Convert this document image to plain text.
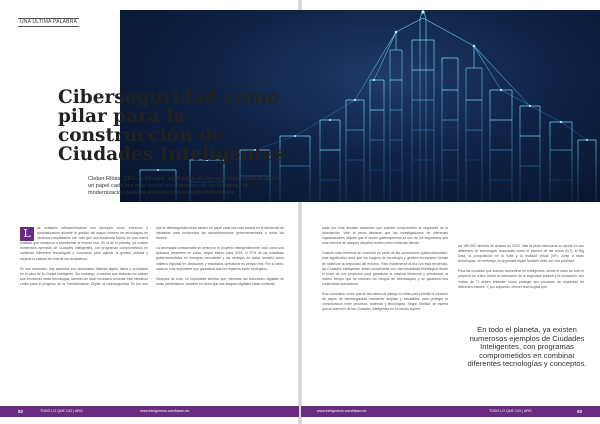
UNA ÚLTIMA PALABRA
Ciberseguridad como pilar para la construcción de Ciudades Inteligentes

Cleber Ribas, CEO de Blockbit, explica que la ciberseguridad necesita asumir un papel cada vez más central en el proceso de las iniciativas de modernización para las administraciones gubernamentales.

L	as ciudades latinoamericanas son ejemplos vivos, extremos y automatización durante la gestión del mayor número de tecnologías de servicios hospitalarios con más que una tendencia futura, es una nueva realidad que comienza a transformar el mundo real. En la de el planeta, ya existen numerosos ejemplos de Ciudades Inteligentes, con programas comprometidos en combinar diferentes tecnologías y conceptos para agilizar la gestión pública y mejorar la calidad de vida de los ciudadanos.

En ese escenario, hay aspectos con avanzados: libertad digital, datos y conectado en el caso de la Ciudad Inteligente. Sin embargo, a medida que avanzan los planes que involucran estas tecnologías, también se hace necesario recordar este elemento crítico para el progreso de la Transformación Digital: la ciberseguridad. Es por eso que la ciberseguridad debe asumir un papel cada vez más central en el desarrollo de iniciativas para modernizar las administraciones gubernamentales a todos los niveles.

La necesidad considerable se centra en el proyecto inteligentemente, solo como una aparatos presentes en curso, según estimó para 2024, el 97% de las iniciativas gubernamentales en energías renovables y las ventajas de datos también como objetivo impulsar en decisiones y resultados operativos en tiempo real. Por lo tanto, nada es más importante que garantizar que los registros estén protegidos.

Después de todo, es importante señalar que, mientras las soluciones digitales se están presentando, también es cierto que sus ataques digitales están surtiendo

cada vez más desaste atacantes que pueden comprometer la seguridad de la información. Vale la pena destacar que las investigaciones de diferentes organizaciones indican que el sector gubernamental es uno de los segmentos que más intentos de ataques virtuales reciben entre todas las demás.

Cuando más intereses se convierte en parte de las operaciones gubernamentales, más significativo será que los equipos de tecnología y gestión encuentren formas de optimizar la seguridad del entorno. Para mantenerse al día con esta tendencia, las Ciudades Inteligentes deben coordinarse con una mentalidad estratégica desde el inicio de sus proyectos para garantizar la máxima eficiencia y efectividad, al mismo tiempo que se reducen los riesgos de ciberataques y se garantiza una continuidad operacional.

Esto considera, como una de las bases de trabajo en vista para permitir la creación de capas de ciberseguridad realmente amplias y escalables para proteger la comunicación entre procesos, sistemas y tecnologías. Según Statista, se espera que la inversión de las Ciudades Inteligentes en el mundo supere

los 189.500 millones de dólares en 2023. Vale la pena mencionar su aporte en sus diferentes de tecnologías avanzadas como el internet de las cosas (IoT), el Big Data, la computación en la nube y la realidad virtual (VR). Junto a estas tecnologías, sin embargo, la seguridad digital también debe ser una prioridad.

Para las ciudades que buscan convertirse en Inteligentes, desde el inicio de todo el proyecto es crítico incluir la evaluación de la seguridad pública y la educación, sus límites de TI deben entender cómo proteger sus procesos de seguridad en diferentes niveles. Y, por supuesto, ofrecer tecnologías que

En todo el planeta, ya existen numerosos ejemplos de Ciudades Inteligentes, con programas comprometidos en combinar diferentes tecnologías y conceptos.

92	TODO LO QUE CIO | ARG	www.intelgentcio.com/latam-es	www.intelgentcio.com/latam-es	TODO LO QUE CIO | ARG	93
